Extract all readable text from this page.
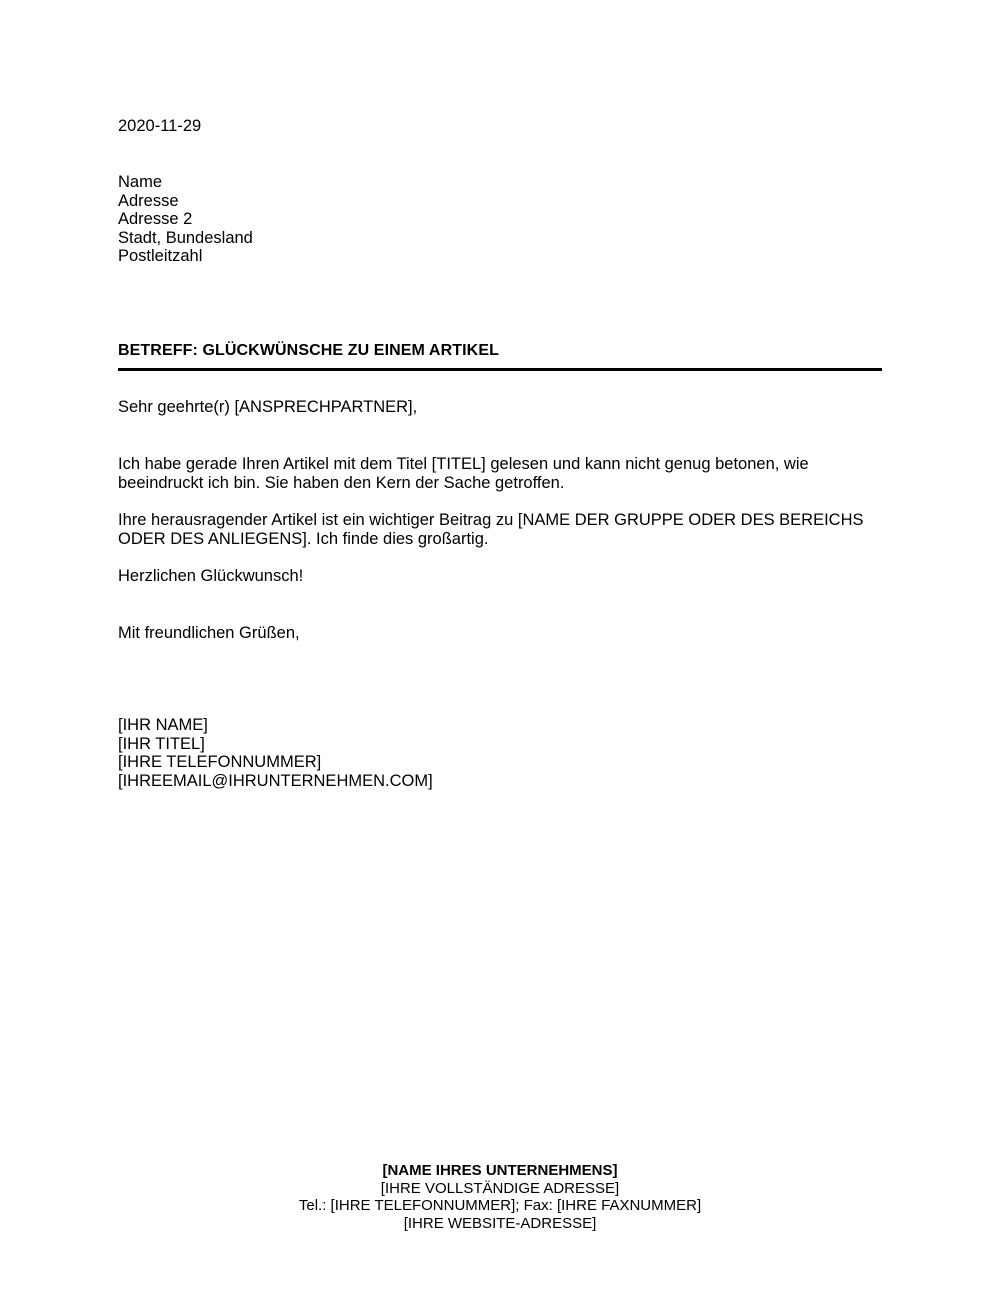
2020-11-29
Name
Adresse
Adresse 2
Stadt, Bundesland
Postleitzahl
BETREFF: GLÜCKWÜNSCHE ZU EINEM ARTIKEL
Sehr geehrte(r) [ANSPRECHPARTNER],
Ich habe gerade Ihren Artikel mit dem Titel [TITEL] gelesen und kann nicht genug betonen, wie
beeindruckt ich bin. Sie haben den Kern der Sache getroffen.
Ihre herausragender Artikel ist ein wichtiger Beitrag zu [NAME DER GRUPPE ODER DES BEREICHS
ODER DES ANLIEGENS]. Ich finde dies großartig.
Herzlichen Glückwunsch!
Mit freundlichen Grüßen,
[IHR NAME]
[IHR TITEL]
[IHRE TELEFONNUMMER]
[IHREEMAIL@IHRUNTERNEHMEN.COM]
[NAME IHRES UNTERNEHMENS]
[IHRE VOLLSTÄNDIGE ADRESSE]
Tel.: [IHRE TELEFONNUMMER]; Fax: [IHRE FAXNUMMER]
[IHRE WEBSITE-ADRESSE]
